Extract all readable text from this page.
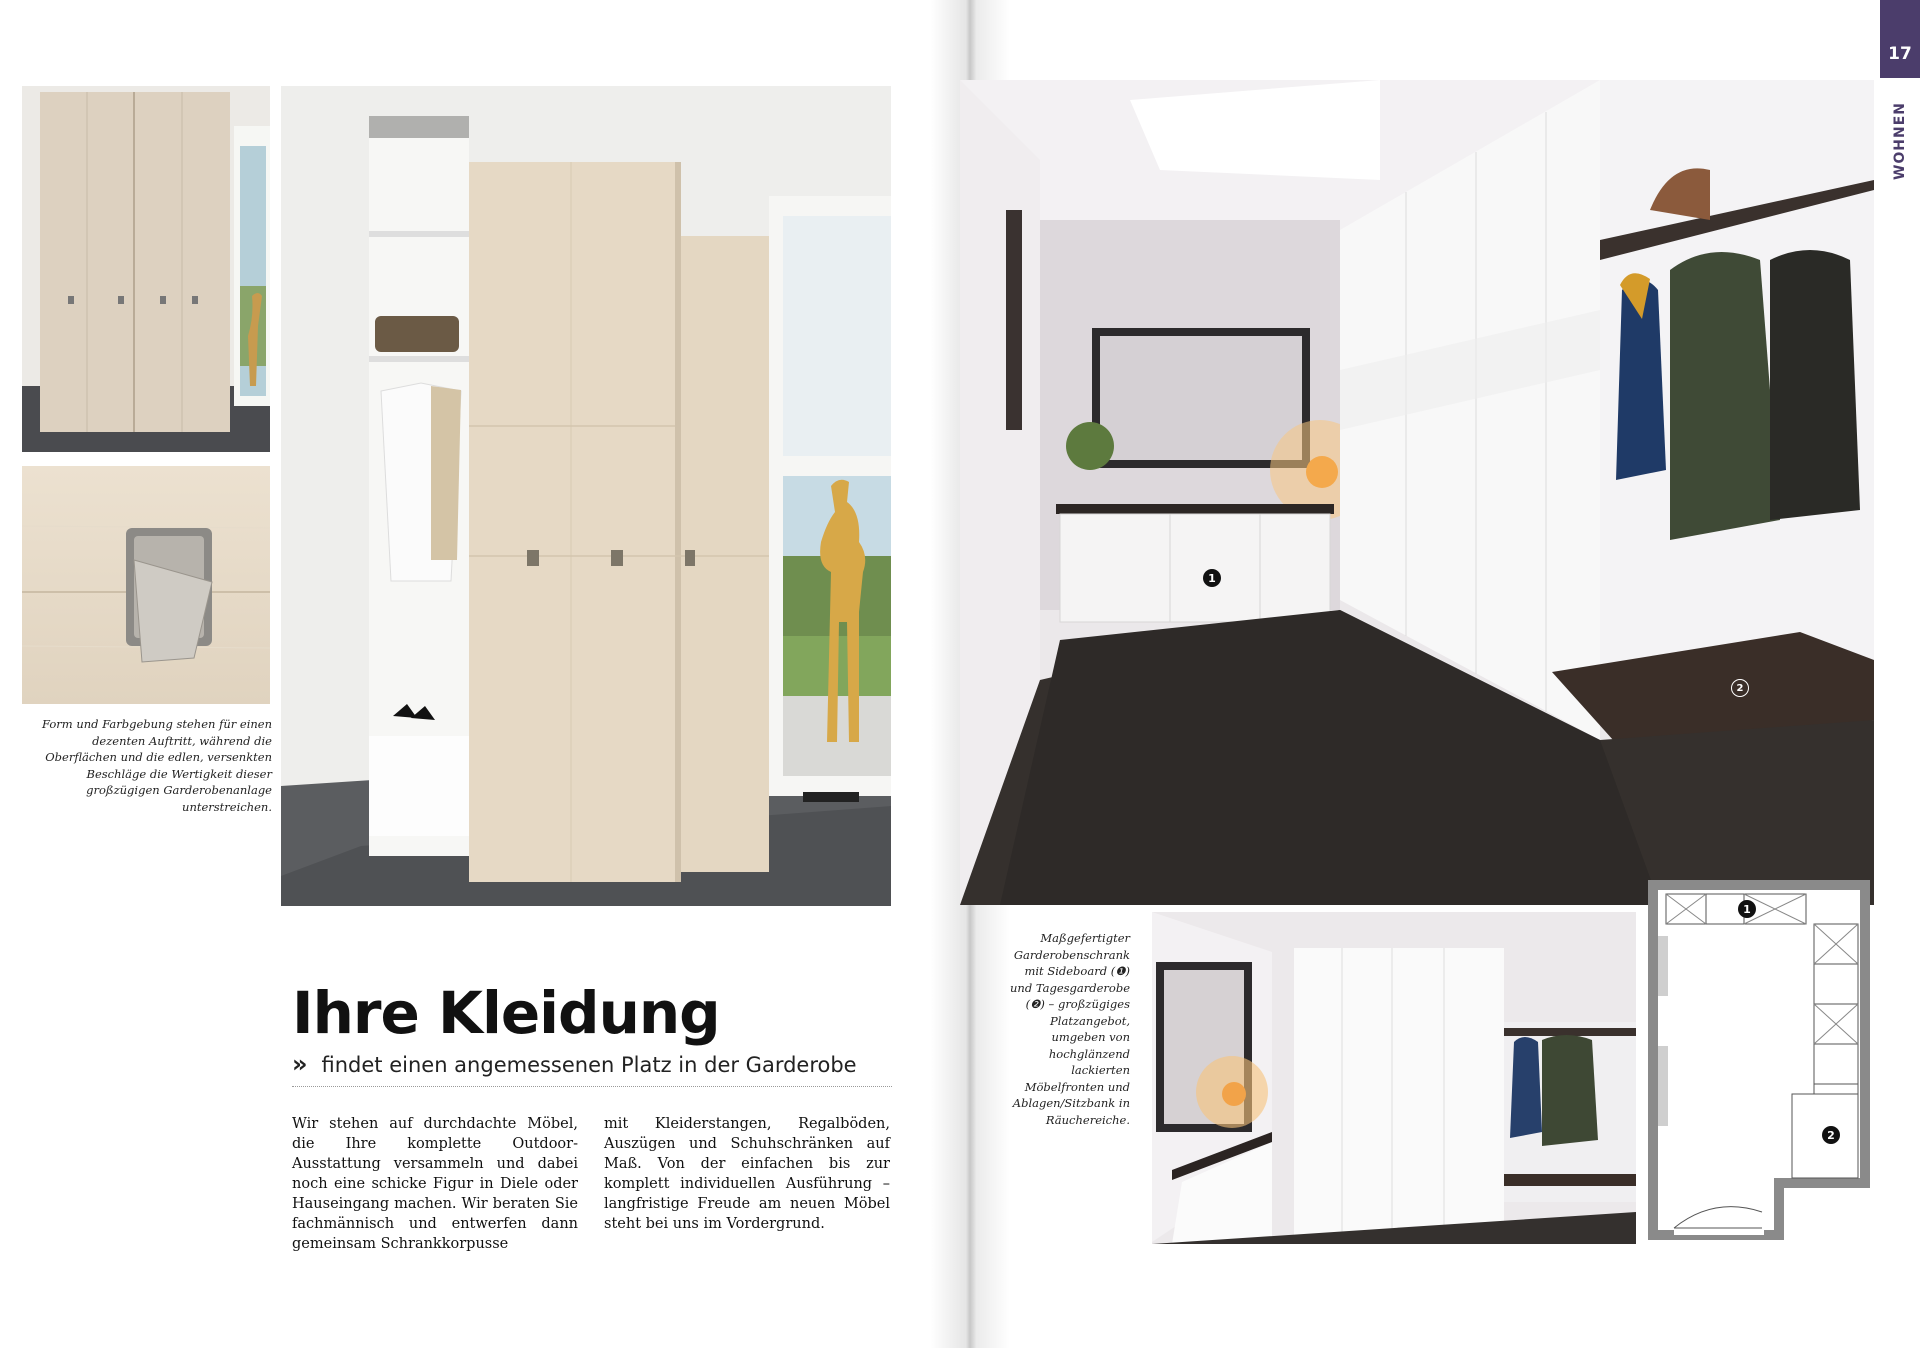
Form und Farbgebung stehen für einen dezenten Auftritt, während die Oberflächen und die edlen, versenkten Beschläge die Wertigkeit dieser großzügigen Garderobenanlage unterstreichen.
Ihre Kleidung
» findet einen angemessenen Platz in der Garderobe
Wir stehen auf durchdachte Möbel, die Ihre komplette Outdoor-Ausstattung versammeln und dabei noch eine schicke Figur in Diele oder Hauseingang machen. Wir beraten Sie fachmännisch und entwerfen dann gemeinsam Schrankkorpusse
mit Kleiderstangen, Regalböden, Auszügen und Schuhschränken auf Maß. Von der einfachen bis zur komplett individuellen Ausführung – langfristige Freude am neuen Möbel steht bei uns im Vordergrund.
17
WOHNEN
1
2
Maßgefertigter Garderobenschrank mit Sideboard (❶) und Tagesgarderobe (❷) – großzügiges Platzangebot, umgeben von hochglänzend lackierten Möbelfronten und Ablagen/Sitzbank in Räuchereiche.
1
2
